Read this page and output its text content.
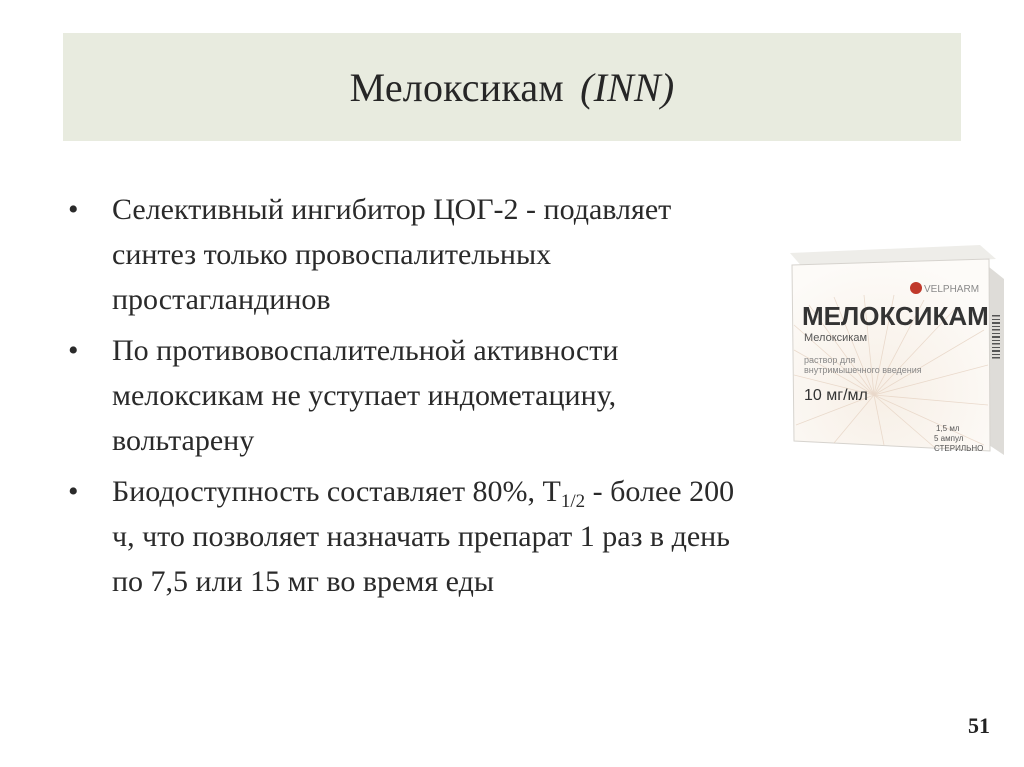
Мелоксикам (INN)
• Селективный ингибитор ЦОГ-2 - подавляет
синтез только провоспалительных
простагландинов
• По противовоспалительной активности
мелоксикам не уступает индометацину,
вольтарену
• Биодоступность составляет 80%, $Т_{1/2}$ - более 200
ч, что позволяет назначать препарат 1 раз в день
по 7,5 или 15 мг во время еды
VELPHARM
МЕЛОКСИКАМ
Мелоксикам
раствор для
внутримышечного введения
10 мг/мл
1,5 мл
5 ампул
СТЕРИЛЬНО
51
